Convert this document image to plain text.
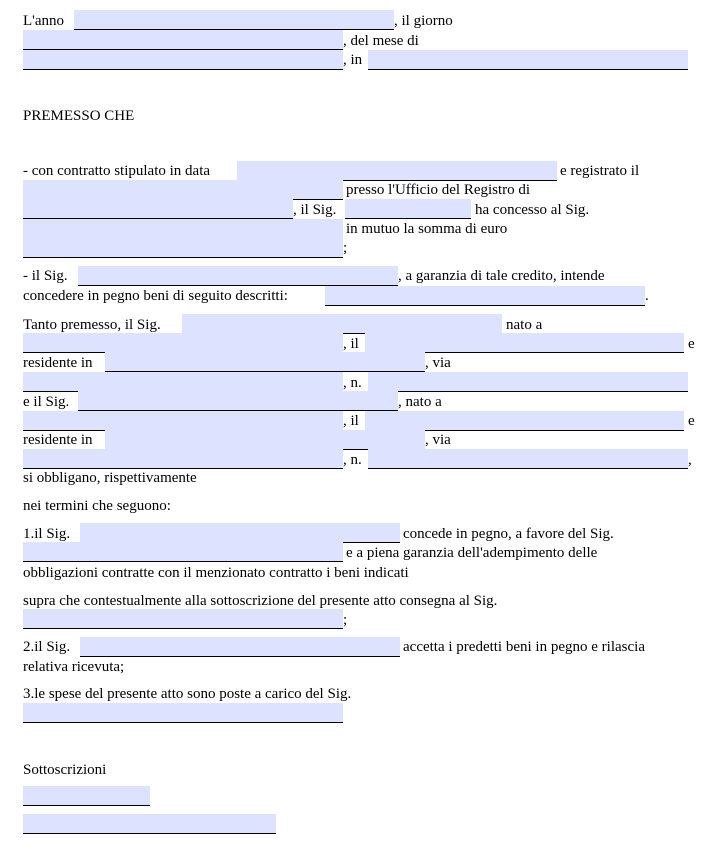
L'anno	, il giorno
, del mese di
, in
PREMESSO CHE
- con contratto stipulato in data	e registrato il
presso l'Ufficio del Registro di
, il Sig.	ha concesso al Sig.
in mutuo la somma di euro
;
- il Sig.	, a garanzia di tale credito, intende
concedere in pegno beni di seguito descritti:	.
Tanto premesso, il Sig.	nato a
, il	e
residente in	, via
, n.
e il Sig.	, nato a
, il	e
residente in	, via
, n.	,
si obbligano, rispettivamente
nei termini che seguono:
1.il Sig.	concede in pegno, a favore del Sig.
e a piena garanzia dell'adempimento delle
obbligazioni contratte con il menzionato contratto i beni indicati
supra che contestualmente alla sottoscrizione del presente atto consegna al Sig.
;
2.il Sig.	accetta i predetti beni in pegno e rilascia
relativa ricevuta;
3.le spese del presente atto sono poste a carico del Sig.
Sottoscrizioni
